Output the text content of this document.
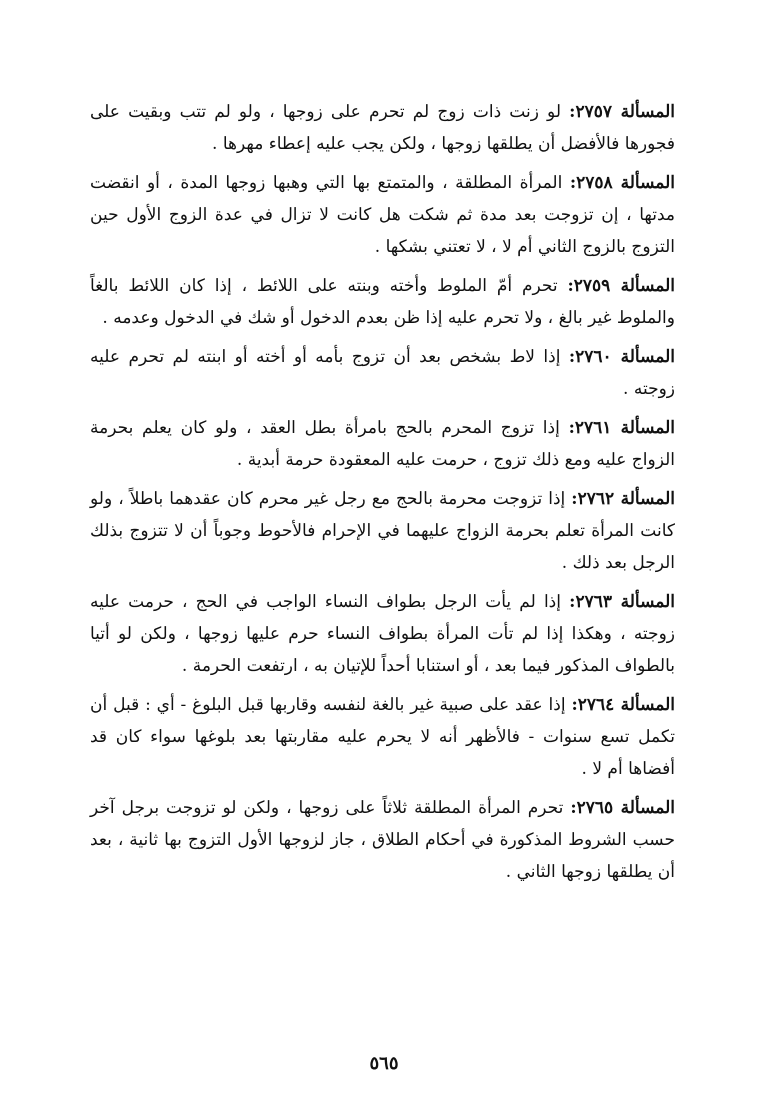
المسألة ٢٧٥٧: لو زنت ذات زوج لم تحرم على زوجها ، ولو لم تتب وبقيت على فجورها فالأفضل أن يطلقها زوجها ، ولكن يجب عليه إعطاء مهرها .

المسألة ٢٧٥٨: المرأة المطلقة ، والمتمتع بها التي وهبها زوجها المدة ، أو انقضت مدتها ، إن تزوجت بعد مدة ثم شكت هل كانت لا تزال في عدة الزوج الأول حين التزوج بالزوج الثاني أم لا ، لا تعتني بشكها .

المسألة ٢٧٥٩: تحرم أمّ الملوط وأخته وبنته على اللائط ، إذا كان اللائط بالغاً والملوط غير بالغ ، ولا تحرم عليه إذا ظن بعدم الدخول أو شك في الدخول وعدمه .

المسألة ٢٧٦٠: إذا لاط بشخص بعد أن تزوج بأمه أو أخته أو ابنته لم تحرم عليه زوجته .

المسألة ٢٧٦١: إذا تزوج المحرم بالحج بامرأة بطل العقد ، ولو كان يعلم بحرمة الزواج عليه ومع ذلك تزوج ، حرمت عليه المعقودة حرمة أبدية .

المسألة ٢٧٦٢: إذا تزوجت محرمة بالحج مع رجل غير محرم كان عقدهما باطلاً ، ولو كانت المرأة تعلم بحرمة الزواج عليهما في الإحرام فالأحوط وجوباً أن لا تتزوج بذلك الرجل بعد ذلك .

المسألة ٢٧٦٣: إذا لم يأت الرجل بطواف النساء الواجب في الحج ، حرمت عليه زوجته ، وهكذا إذا لم تأت المرأة بطواف النساء حرم عليها زوجها ، ولكن لو أتيا بالطواف المذكور فيما بعد ، أو استنابا أحداً للإتيان به ، ارتفعت الحرمة .

المسألة ٢٧٦٤: إذا عقد على صبية غير بالغة لنفسه وقاربها قبل البلوغ - أي : قبل أن تكمل تسع سنوات - فالأظهر أنه لا يحرم عليه مقاربتها بعد بلوغها سواء كان قد أفضاها أم لا .

المسألة ٢٧٦٥: تحرم المرأة المطلقة ثلاثاً على زوجها ، ولكن لو تزوجت برجل آخر حسب الشروط المذكورة في أحكام الطلاق ، جاز لزوجها الأول التزوج بها ثانية ، بعد أن يطلقها زوجها الثاني .

٥٦٥
